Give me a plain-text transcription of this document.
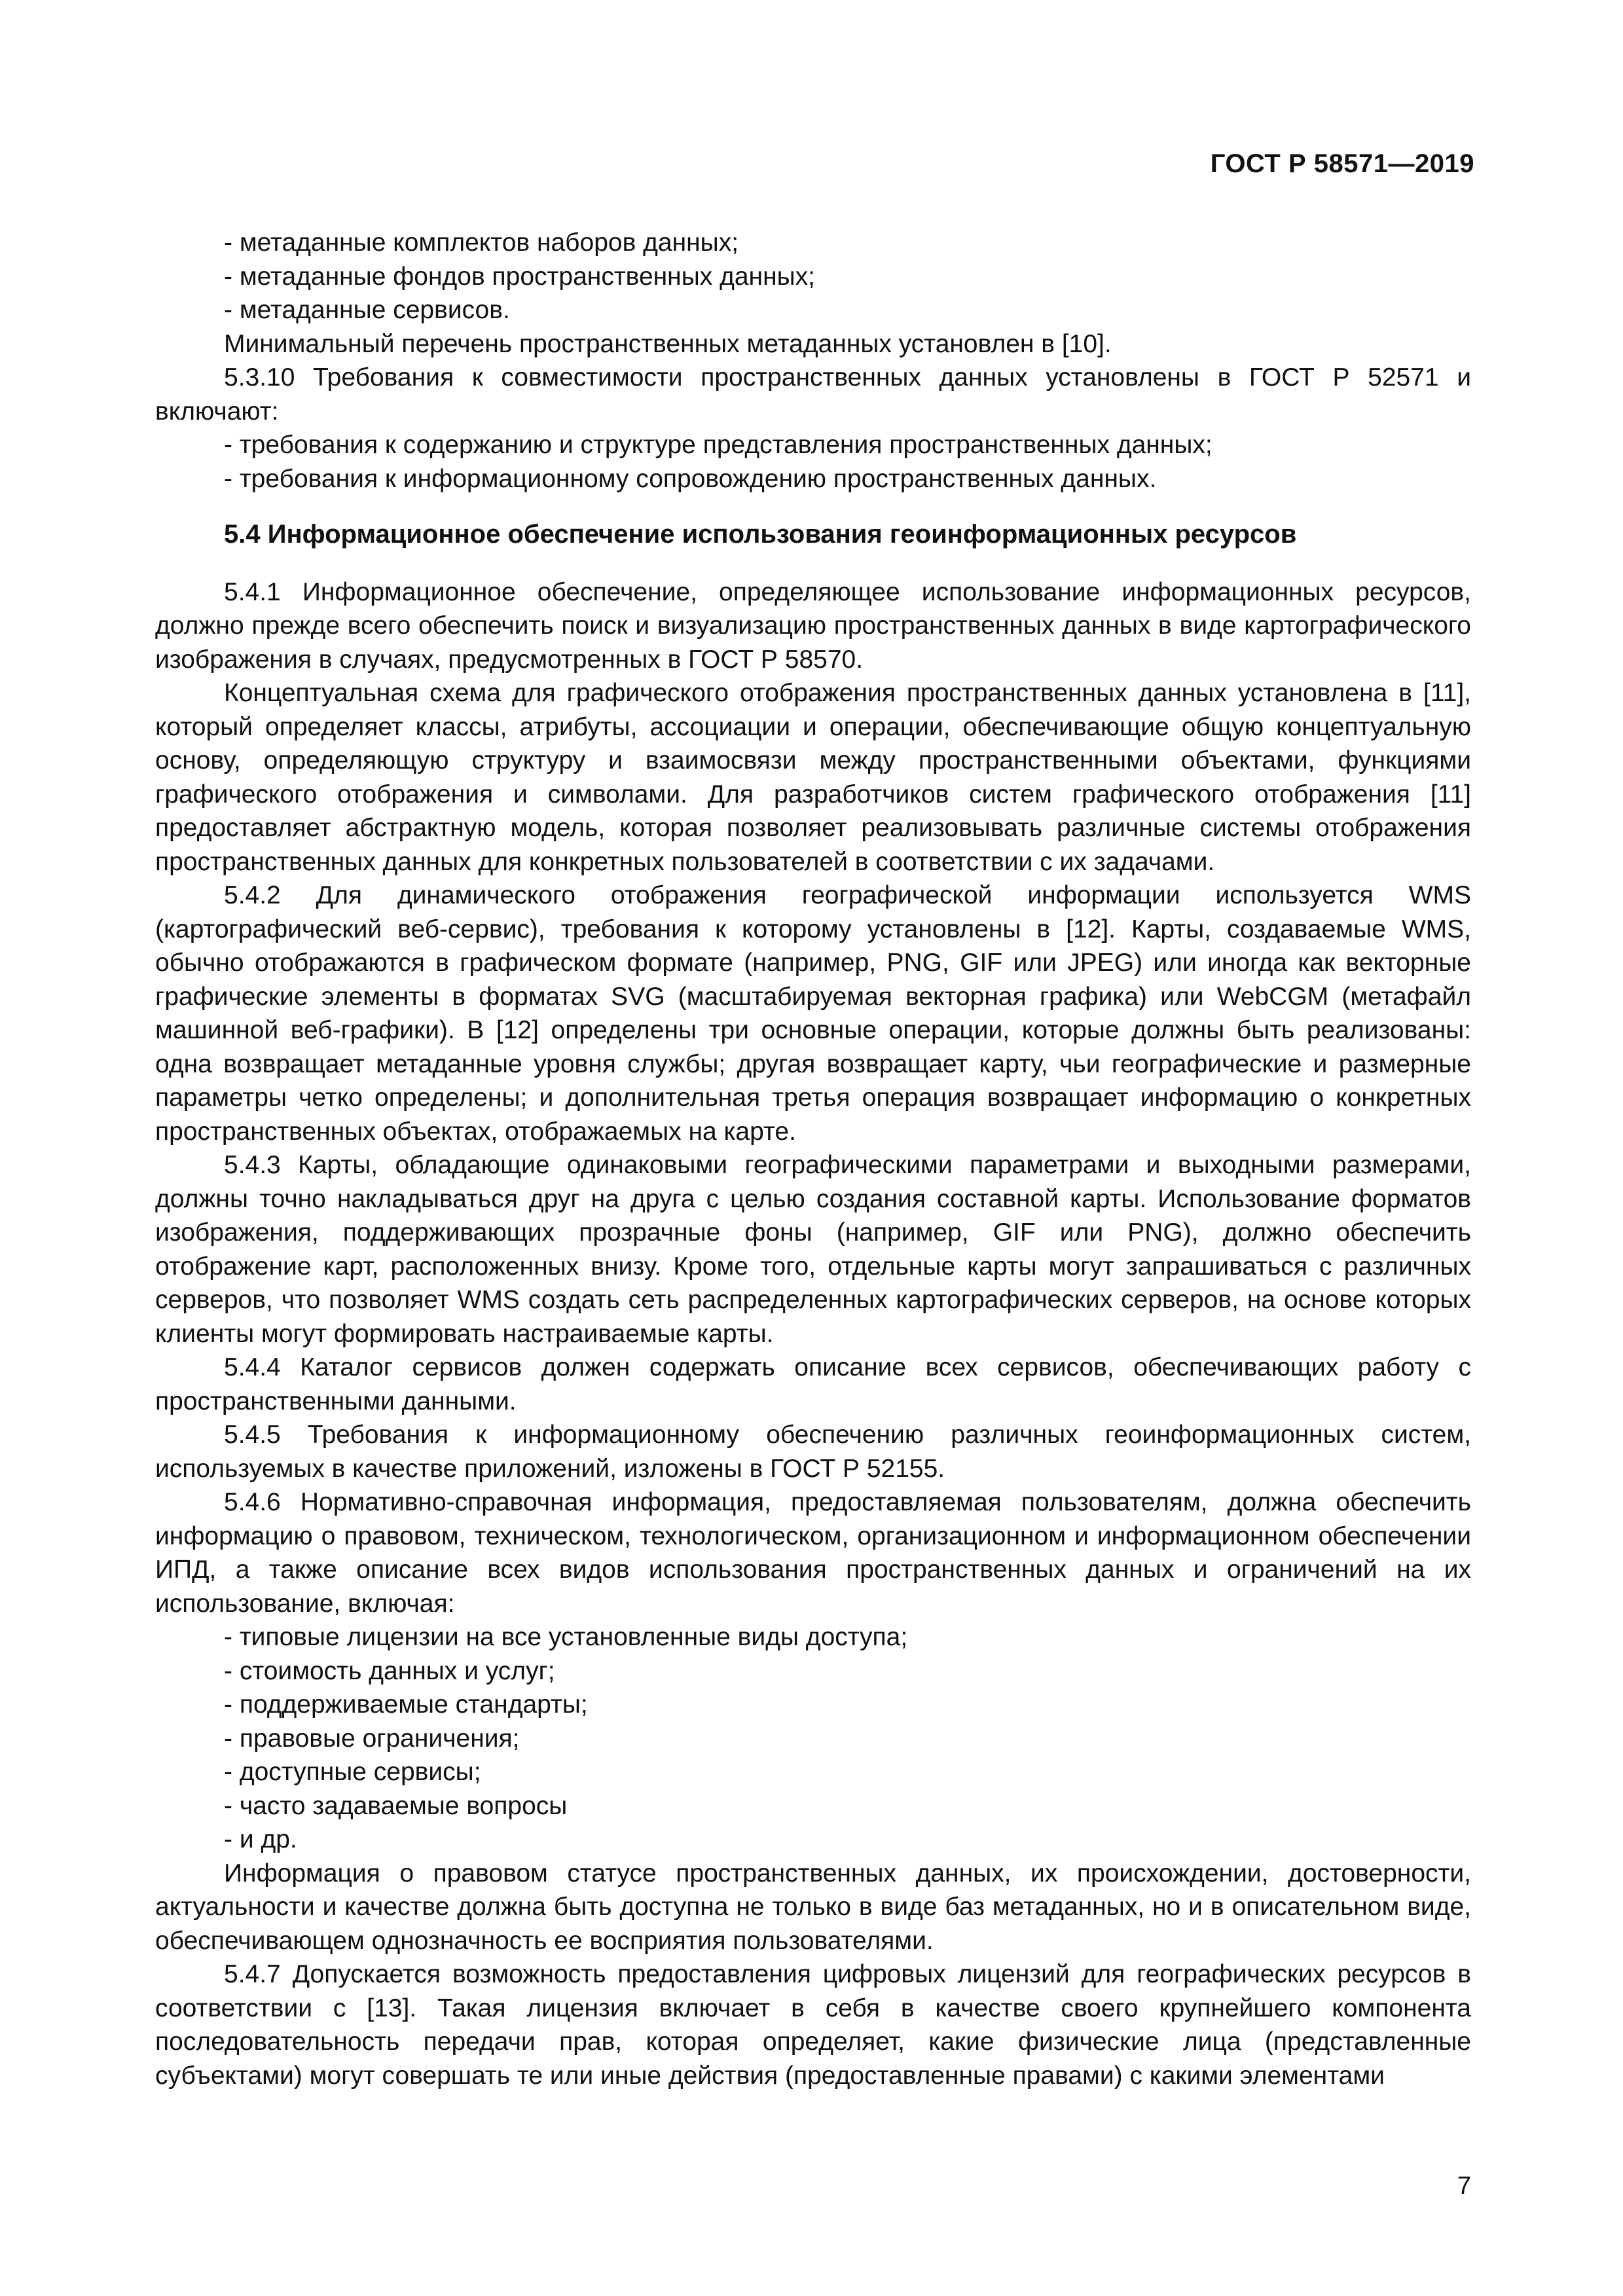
ГОСТ Р 58571—2019
- метаданные комплектов наборов данных;
- метаданные фондов пространственных данных;
- метаданные сервисов.
Минимальный перечень пространственных метаданных установлен в [10].
5.3.10 Требования к совместимости пространственных данных установлены в ГОСТ Р 52571 и включают:
- требования к содержанию и структуре представления пространственных данных;
- требования к информационному сопровождению пространственных данных.
5.4 Информационное обеспечение использования геоинформационных ресурсов
5.4.1 Информационное обеспечение, определяющее использование информационных ресурсов, должно прежде всего обеспечить поиск и визуализацию пространственных данных в виде картографического изображения в случаях, предусмотренных в ГОСТ Р 58570.
Концептуальная схема для графического отображения пространственных данных установлена в [11], который определяет классы, атрибуты, ассоциации и операции, обеспечивающие общую концептуальную основу, определяющую структуру и взаимосвязи между пространственными объектами, функциями графического отображения и символами. Для разработчиков систем графического отображения [11] предоставляет абстрактную модель, которая позволяет реализовывать различные системы отображения пространственных данных для конкретных пользователей в соответствии с их задачами.
5.4.2 Для динамического отображения географической информации используется WMS (картографический веб-сервис), требования к которому установлены в [12]. Карты, создаваемые WMS, обычно отображаются в графическом формате (например, PNG, GIF или JPEG) или иногда как векторные графические элементы в форматах SVG (масштабируемая векторная графика) или WebCGM (метафайл машинной веб-графики). В [12] определены три основные операции, которые должны быть реализованы: одна возвращает метаданные уровня службы; другая возвращает карту, чьи географические и размерные параметры четко определены; и дополнительная третья операция возвращает информацию о конкретных пространственных объектах, отображаемых на карте.
5.4.3 Карты, обладающие одинаковыми географическими параметрами и выходными размерами, должны точно накладываться друг на друга с целью создания составной карты. Использование форматов изображения, поддерживающих прозрачные фоны (например, GIF или PNG), должно обеспечить отображение карт, расположенных внизу. Кроме того, отдельные карты могут запрашиваться с различных серверов, что позволяет WMS создать сеть распределенных картографических серверов, на основе которых клиенты могут формировать настраиваемые карты.
5.4.4 Каталог сервисов должен содержать описание всех сервисов, обеспечивающих работу с пространственными данными.
5.4.5 Требования к информационному обеспечению различных геоинформационных систем, используемых в качестве приложений, изложены в ГОСТ Р 52155.
5.4.6 Нормативно-справочная информация, предоставляемая пользователям, должна обеспечить информацию о правовом, техническом, технологическом, организационном и информационном обеспечении ИПД, а также описание всех видов использования пространственных данных и ограничений на их использование, включая:
- типовые лицензии на все установленные виды доступа;
- стоимость данных и услуг;
- поддерживаемые стандарты;
- правовые ограничения;
- доступные сервисы;
- часто задаваемые вопросы
- и др.
Информация о правовом статусе пространственных данных, их происхождении, достоверности, актуальности и качестве должна быть доступна не только в виде баз метаданных, но и в описательном виде, обеспечивающем однозначность ее восприятия пользователями.
5.4.7 Допускается возможность предоставления цифровых лицензий для географических ресурсов в соответствии с [13]. Такая лицензия включает в себя в качестве своего крупнейшего компонента последовательность передачи прав, которая определяет, какие физические лица (представленные субъектами) могут совершать те или иные действия (предоставленные правами) с какими элементами
7
